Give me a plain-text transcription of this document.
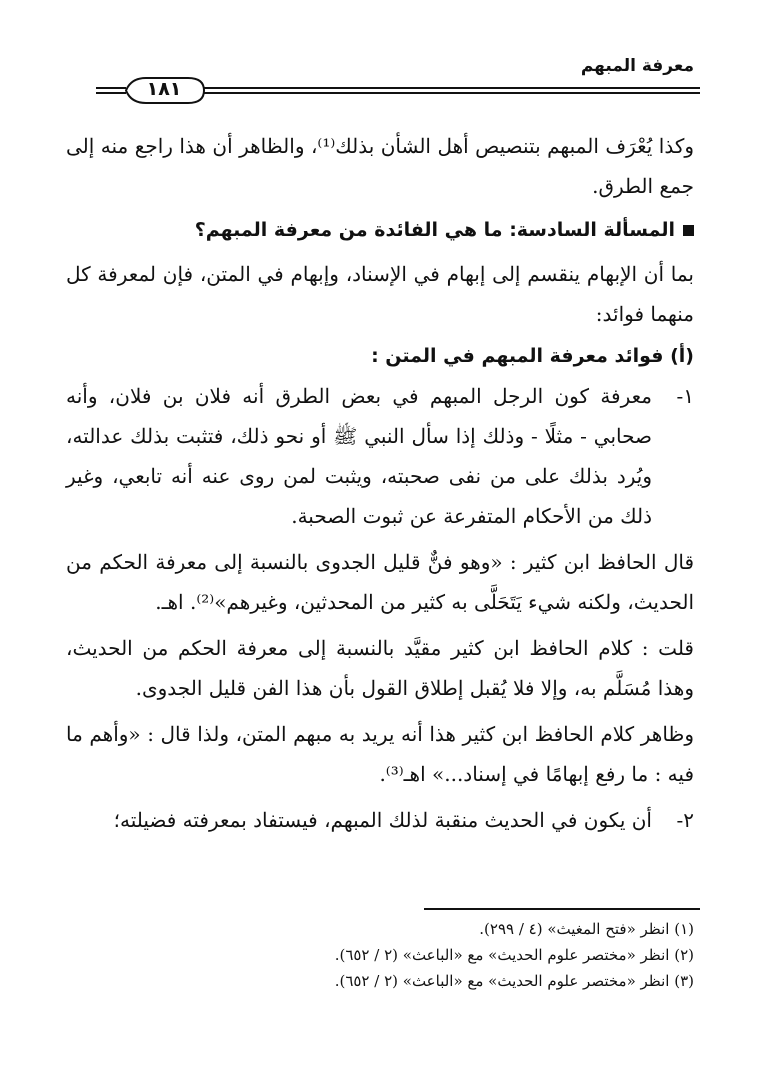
معرفة المبهم
١٨١

وكذا يُعْرَف المبهم بتنصيص أهل الشأن بذلك⁽¹⁾، والظاهر أن هذا راجع منه إلى جمع الطرق.

المسألة السادسة: ما هي الفائدة من معرفة المبهم؟

بما أن الإبهام ينقسم إلى إبهام في الإسناد، وإبهام في المتن، فإن لمعرفة كل منهما فوائد:

(أ) فوائد معرفة المبهم في المتن :

١-
معرفة كون الرجل المبهم في بعض الطرق أنه فلان بن فلان، وأنه صحابي - مثلًا - وذلك إذا سأل النبي ﷺ أو نحو ذلك، فتثبت بذلك عدالته، ويُرد بذلك على من نفى صحبته، ويثبت لمن روى عنه أنه تابعي، وغير ذلك من الأحكام المتفرعة عن ثبوت الصحبة.

قال الحافظ ابن كثير : «وهو فنٌّ قليل الجدوى بالنسبة إلى معرفة الحكم من الحديث، ولكنه شيء يَتَحَلَّى به كثير من المحدثين، وغيرهم»⁽²⁾. اهـ.

قلت : كلام الحافظ ابن كثير مقيَّد بالنسبة إلى معرفة الحكم من الحديث، وهذا مُسَلَّم به، وإلا فلا يُقبل إطلاق القول بأن هذا الفن قليل الجدوى.

وظاهر كلام الحافظ ابن كثير هذا أنه يريد به مبهم المتن، ولذا قال : «وأهم ما فيه : ما رفع إبهامًا في إسناد...» اهـ⁽³⁾.

٢-
أن يكون في الحديث منقبة لذلك المبهم، فيستفاد بمعرفته فضيلته؛

(١) انظر «فتح المغيث» (٤ / ٢٩٩).

(٢) انظر «مختصر علوم الحديث» مع «الباعث» (٢ / ٦٥٢).

(٣) انظر «مختصر علوم الحديث» مع «الباعث» (٢ / ٦٥٢).
